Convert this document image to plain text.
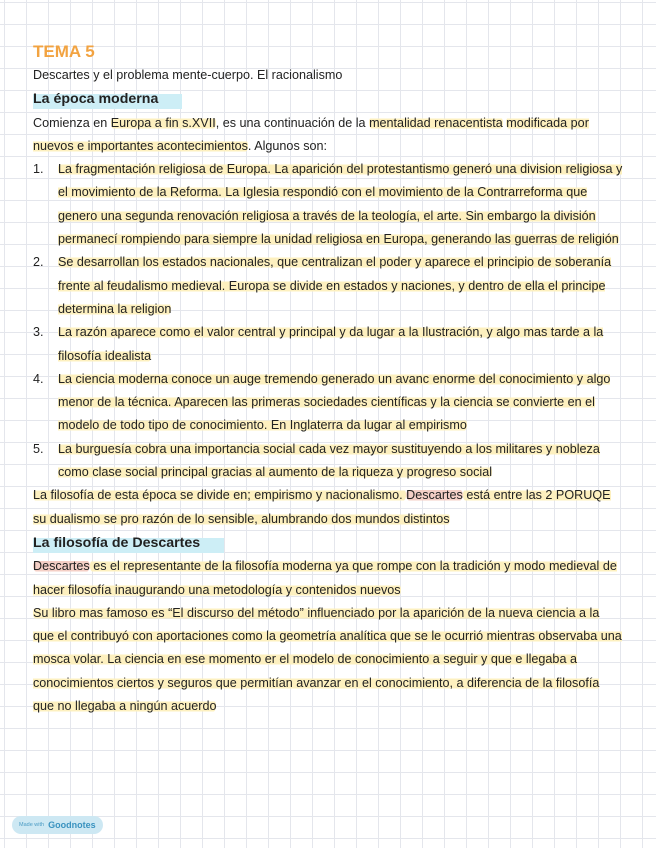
TEMA 5
Descartes y el problema mente-cuerpo. El racionalismo
La época moderna
Comienza en Europa a fin s.XVII, es una continuación de la mentalidad renacentista modificada por nuevos e importantes acontecimientos. Algunos son:
1. La fragmentación religiosa de Europa. La aparición del protestantismo generó una division religiosa y el movimiento de la Reforma. La Iglesia respondió con el movimiento de la Contrarreforma que genero una segunda renovación religiosa a través de la teología, el arte. Sin embargo la división permanecí rompiendo para siempre la unidad religiosa en Europa, generando las guerras de religión
2. Se desarrollan los estados nacionales, que centralizan el poder y aparece el principio de soberanía frente al feudalismo medieval. Europa se divide en estados y naciones, y dentro de ella el principe determina la religion
3. La razón aparece como el valor central y principal y da lugar a la Ilustración, y algo mas tarde a la filosofía idealista
4. La ciencia moderna conoce un auge tremendo generado un avanc enorme del conocimiento y algo menor de la técnica. Aparecen las primeras sociedades científicas y la ciencia se convierte en el modelo de todo tipo de conocimiento. En Inglaterra da lugar al empirismo
5. La burguesía cobra una importancia social cada vez mayor sustituyendo a los militares y nobleza como clase social principal gracias al aumento de la riqueza y progreso social
La filosofía de esta época se divide en; empirismo y nacionalismo. Descartes está entre las 2 PORUQE su dualismo se pro razón de lo sensible, alumbrando dos mundos distintos
La filosofía de Descartes
Descartes es el representante de la filosofía moderna ya que rompe con la tradición y modo medieval de hacer filosofía inaugurando una metodología y contenidos nuevos
Su libro mas famoso es “El discurso del método” influenciado por la aparición de la nueva ciencia a la que el contribuyó con aportaciones como la geometría analítica que se le ocurrió mientras observaba una mosca volar. La ciencia en ese momento er el modelo de conocimiento a seguir y que e llegaba a conocimientos ciertos y seguros que permitían avanzar en el conocimiento, a diferencia de la filosofía que no llegaba a ningún acuerdo
Made with Goodnotes
